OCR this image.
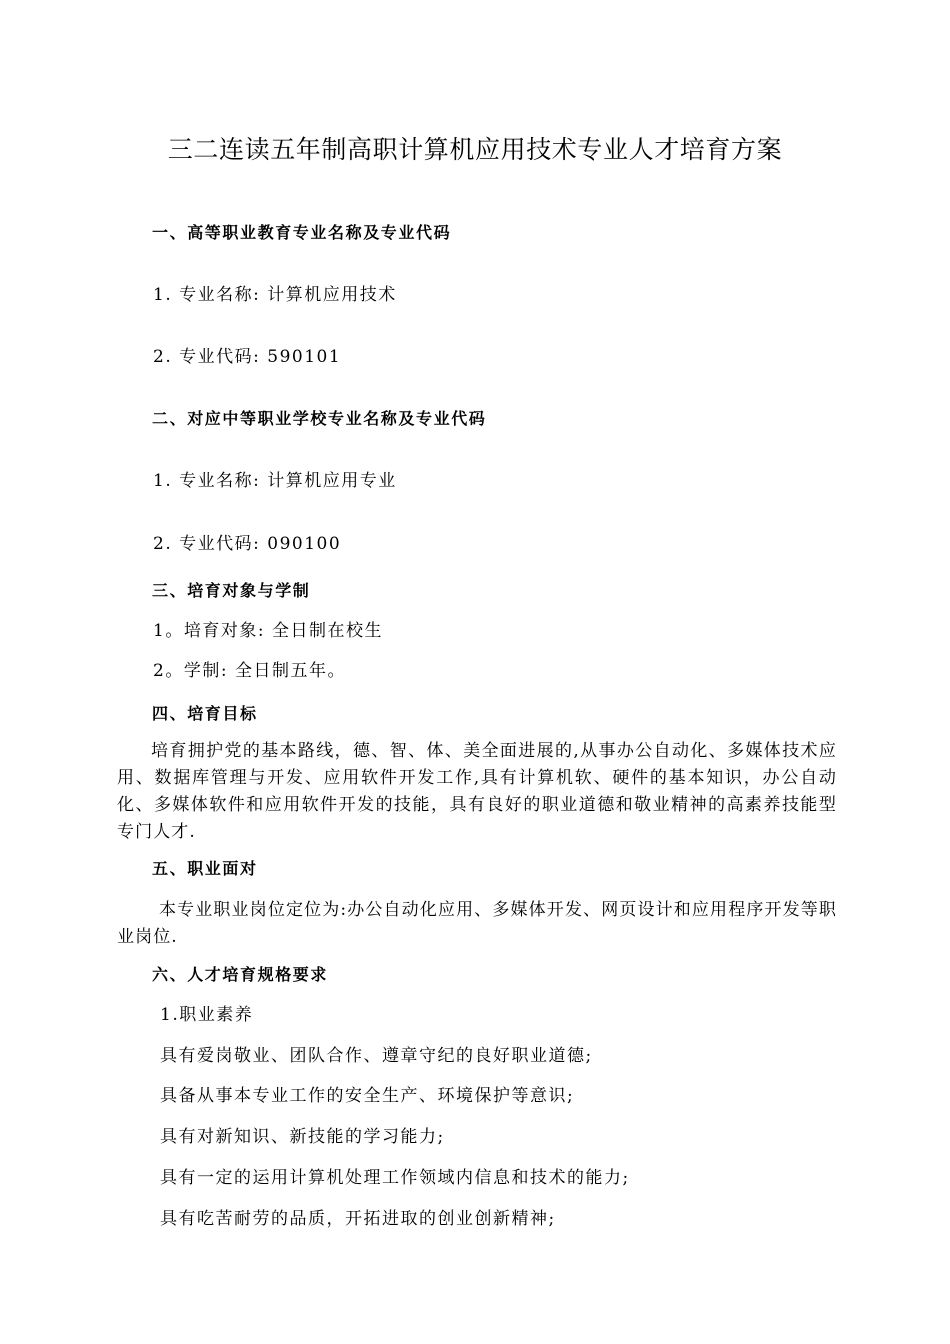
三二连读五年制高职计算机应用技术专业人才培育方案
一、高等职业教育专业名称及专业代码
1. 专业名称: 计算机应用技术
2. 专业代码: 590101
二、对应中等职业学校专业名称及专业代码
1. 专业名称: 计算机应用专业
2. 专业代码: 090100
三、培育对象与学制
1。培育对象: 全日制在校生
2。学制: 全日制五年。
四、培育目标
培育拥护党的基本路线，德、智、体、美全面进展的,从事办公自动化、多媒体技术应用、数据库管理与开发、应用软件开发工作,具有计算机软、硬件的基本知识，办公自动化、多媒体软件和应用软件开发的技能，具有良好的职业道德和敬业精神的高素养技能型专门人才.
五、职业面对
本专业职业岗位定位为:办公自动化应用、多媒体开发、网页设计和应用程序开发等职业岗位.
六、人才培育规格要求
1.职业素养
具有爱岗敬业、团队合作、遵章守纪的良好职业道德;
具备从事本专业工作的安全生产、环境保护等意识;
具有对新知识、新技能的学习能力;
具有一定的运用计算机处理工作领域内信息和技术的能力;
具有吃苦耐劳的品质，开拓进取的创业创新精神;
